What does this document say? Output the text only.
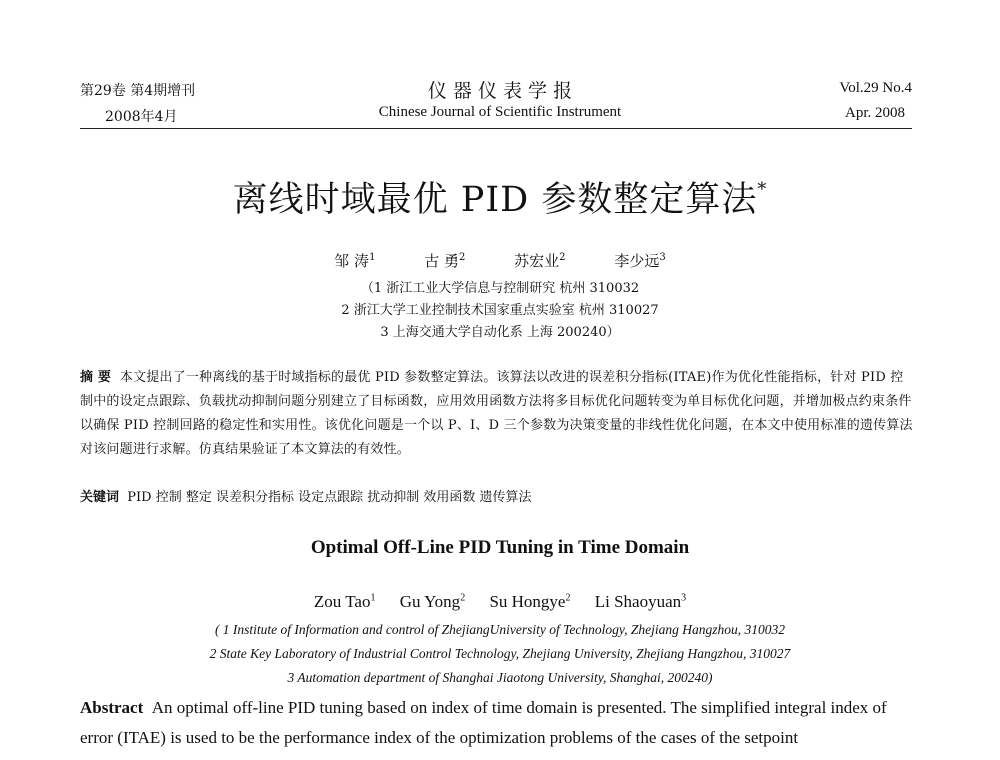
第29卷 第4期增刊
2008年4月
仪 器 仪 表 学 报
Chinese Journal of Scientific Instrument
Vol.29 No.4
Apr. 2008
离线时域最优 PID 参数整定算法*
邹 涛$^1$	古 勇$^2$	苏宏业$^2$	李少远$^3$
（1 浙江工业大学信息与控制研究 杭州 310032
2 浙江大学工业控制技术国家重点实验室 杭州 310027
3 上海交通大学自动化系 上海 200240）
摘 要 本文提出了一种离线的基于时域指标的最优 PID 参数整定算法。该算法以改进的误差积分指标(ITAE)作为优化性能指标，针对 PID 控制中的设定点跟踪、负载扰动抑制问题分别建立了目标函数，应用效用函数方法将多目标优化问题转变为单目标优化问题，并增加极点约束条件以确保 PID 控制回路的稳定性和实用性。该优化问题是一个以 P、I、D 三个参数为决策变量的非线性优化问题，在本文中使用标准的遗传算法对该问题进行求解。仿真结果验证了本文算法的有效性。
关键词 PID 控制 整定 误差积分指标 设定点跟踪 扰动抑制 效用函数 遗传算法
Optimal Off-Line PID Tuning in Time Domain
Zou Tao$^1$ Gu Yong$^2$ Su Hongye$^2$ Li Shaoyuan$^3$
( 1 Institute of Information and control of ZhejiangUniversity of Technology, Zhejiang Hangzhou, 310032
2 State Key Laboratory of Industrial Control Technology, Zhejiang University, Zhejiang Hangzhou, 310027
3 Automation department of Shanghai Jiaotong University, Shanghai, 200240)
Abstract An optimal off-line PID tuning based on index of time domain is presented. The simplified integral index of error (ITAE) is used to be the performance index of the optimization problems of the cases of the setpoint
